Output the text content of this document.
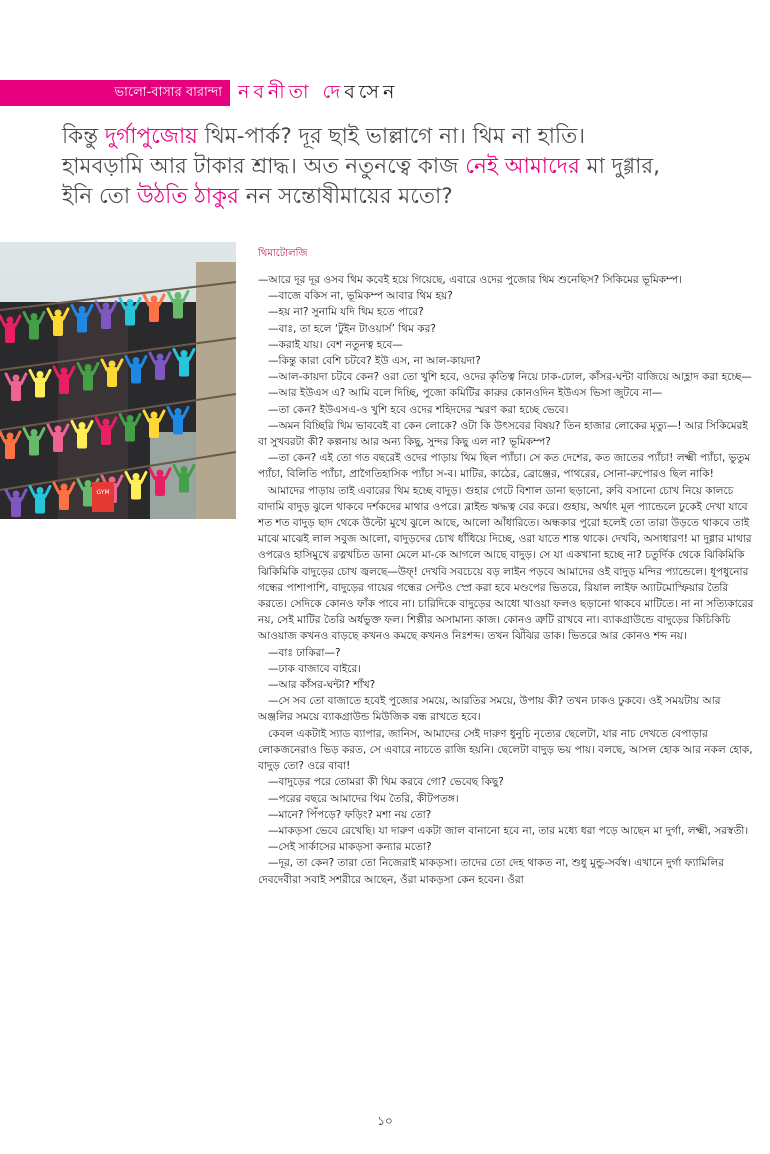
ভালো-বাসার বারান্দা নবনীতা দেবসেন
কিন্তু দুর্গাপুজোয় থিম-পার্ক? দূর ছাই ভাল্লাগে না। থিম না হাতি।
হামবড়ামি আর টাকার শ্রাদ্ধ। অত নতুনত্বে কাজ নেই আমাদের মা দুগ্গার,
ইনি তো উঠতি ঠাকুর নন সন্তোষীমায়ের মতো?
GYM
থিমাটোলজি

—আরে দূর দূর ওসব থিম কবেই হয়ে গিয়েছে, এবারে ওদের পুজোর থিম শুনেছিস? সিকিমের ভূমিকম্প।

—বাজে বকিস না, ভূমিকম্প আবার থিম হয়?

—হয় না? সুনামি যদি থিম হতে পারে?

—বাঃ, তা হলে ‘টুইন টাওয়ার্স’ থিম কর?

—করাই যায়। বেশ নতুনত্ব হবে—

—কিন্তু কারা বেশি চটবে? ইউ এস, না আল-কায়দা?

—আল-কায়দা চটবে কেন? ওরা তো খুশি হবে, ওদের কৃতিত্ব নিয়ে ঢাক-ঢোল, কাঁসর-ঘন্টা বাজিয়ে আহ্লাদ করা হচ্ছে—

—আর ইউএস এ? আমি বলে দিচ্ছি, পুজো কমিটির কারুর কোনওদিন ইউএস ভিসা জুটবে না—

—তা কেন? ইউএসএ-ও খুশি হবে ওদের শহিদদের স্মরণ করা হচ্ছে ভেবে।

—অমন বিচ্ছিরি থিম ভাববেই বা কেন লোকে? ওটা কি উৎসবের বিষয়? তিন হাজার লোকের মৃত্যু—! আর সিকিমেরই বা সুখবরটা কী? কল্পনায় আর অন্য কিছু, সুন্দর কিছু এল না? ভূমিকম্প?

—তা কেন? এই তো গত বছরেই ওদের পাড়ায় থিম ছিল প্যাঁচা। সে কত দেশের, কত জাতের প্যাঁচা! লক্ষ্মী প্যাঁচা, ভুতুম প্যাঁচা, বিলিতি প্যাঁচা, প্রাগৈতিহাসিক প্যাঁচা স-ব। মাটির, কাঠের, ব্রোঞ্জের, পাথরের, সোনা-রুপোরও ছিল নাকি!

আমাদের পাড়ায় তাই এবারের থিম হচ্ছে বাদুড়। গুহার গেটে বিশাল ডানা ছড়ানো, রুবি বসানো চোখ নিয়ে কালচে বাদামি বাদুড় ঝুলে থাকবে দর্শকদের মাথার ওপরে। ব্লাইন্ড ঋদ্ধত্ব বের করে। গুহায়, অর্থাৎ মূল প্যান্ডেলে ঢুকেই দেখা যাবে শত শত বাদুড় ছাদ থেকে উল্টো মুখে ঝুলে আছে, আলো আঁধারিতে। অন্ধকার পুরো হলেই তো তারা উড়তে থাকবে তাই মাঝে মাঝেই লাল সবুজ আলো, বাদুড়দের চোখ ধাঁধিয়ে দিচ্ছে, ওরা যাতে শান্ত থাকে। দেখবি, অসাধারণ! মা দুগ্গার মাথার ওপরেও হাসিমুখে রত্নখচিত ডানা মেলে মা-কে আগলে আছে বাদুড়। সে যা একখানা হচ্ছে না? চতুর্দিক থেকে ঝিকিমিকি ঝিকিমিকি বাদুড়ের চোখ জ্বলছে—উফ্! দেখবি সবচেয়ে বড় লাইন পড়বে আমাদের ওই বাদুড় মন্দির প্যান্ডেলে। ধূপধুনোর গন্ধের পাশাপাশি, বাদুড়ের গায়ের গন্ধের সেন্টও স্প্রে করা হবে মণ্ডপের ভিতরে, রিয়াল লাইফ অ্যাটমোস্ফিয়ার তৈরি করতে। সেদিকে কোনও ফাঁক পাবে না। চারিদিকে বাদুড়ের আধো খাওয়া ফলও ছড়ানো থাকবে মাটিতে। না না সত্যিকারের নয়, সেই মাটির তৈরি অর্ধভুক্ত ফল। শিল্পীর অসামান্য কাজ। কোনও ত্রুটি রাখবে না। ব্যাকগ্রাউন্ডে বাদুড়ের কিচিকিচি আওয়াজ কখনও বাড়ছে কখনও কমছে কখনও নিঃশব্দ। তখন ঝিঁঝির ডাক। ভিতরে আর কোনও শব্দ নয়।

—বাঃ ঢাকিরা—?

—ঢাক বাজাবে বাইরে।

—আর কাঁসর-ঘন্টা? শাঁখ?

—সে সব তো বাজাতে হবেই পুজোর সময়ে, আরতির সময়ে, উপায় কী? তখন ঢাকও ঢুকবে। ওই সময়টায় আর অঞ্জলির সময়ে ব্যাকগ্রাউন্ড মিউজিক বন্ধ রাখতে হবে।

কেবল একটাই স্যাড ব্যাপার, জানিস, আমাদের সেই দারুণ ধুনুচি নৃত্যের ছেলেটা, যার নাচ দেখতে বেপাড়ার লোকজনেরাও ভিড় করত, সে এবারে নাচতে রাজি হয়নি। ছেলেটা বাদুড় ভয় পায়। বলছে, আসল হোক আর নকল হোক, বাদুড় তো? ওরে বাবা!

—বাদুড়ের পরে তোমরা কী থিম করবে গো? ভেবেছ কিছু?

—পরের বছরে আমাদের থিম তৈরি, কীটপতঙ্গ।

—মানে? পিঁপড়ে? ফড়িং? মশা নয় তো?

—মাকড়সা ভেবে রেখেছি। যা দারুণ একটা জাল বানানো হবে না, তার মধ্যে ধরা পড়ে আছেন মা দুর্গা, লক্ষ্মী, সরস্বতী।

—সেই সার্কাসের মাকড়সা কন্যার মতো?

—দূর, তা কেন? তারা তো নিজেরাই মাকড়সা। তাদের তো দেহ থাকত না, শুধু মুন্ডু-সর্বস্ব। এখানে দুর্গা ফ্যামিলির দেবদেবীরা সবাই সশরীরে আছেন, ওঁরা মাকড়সা কেন হবেন। ওঁরা

১০
